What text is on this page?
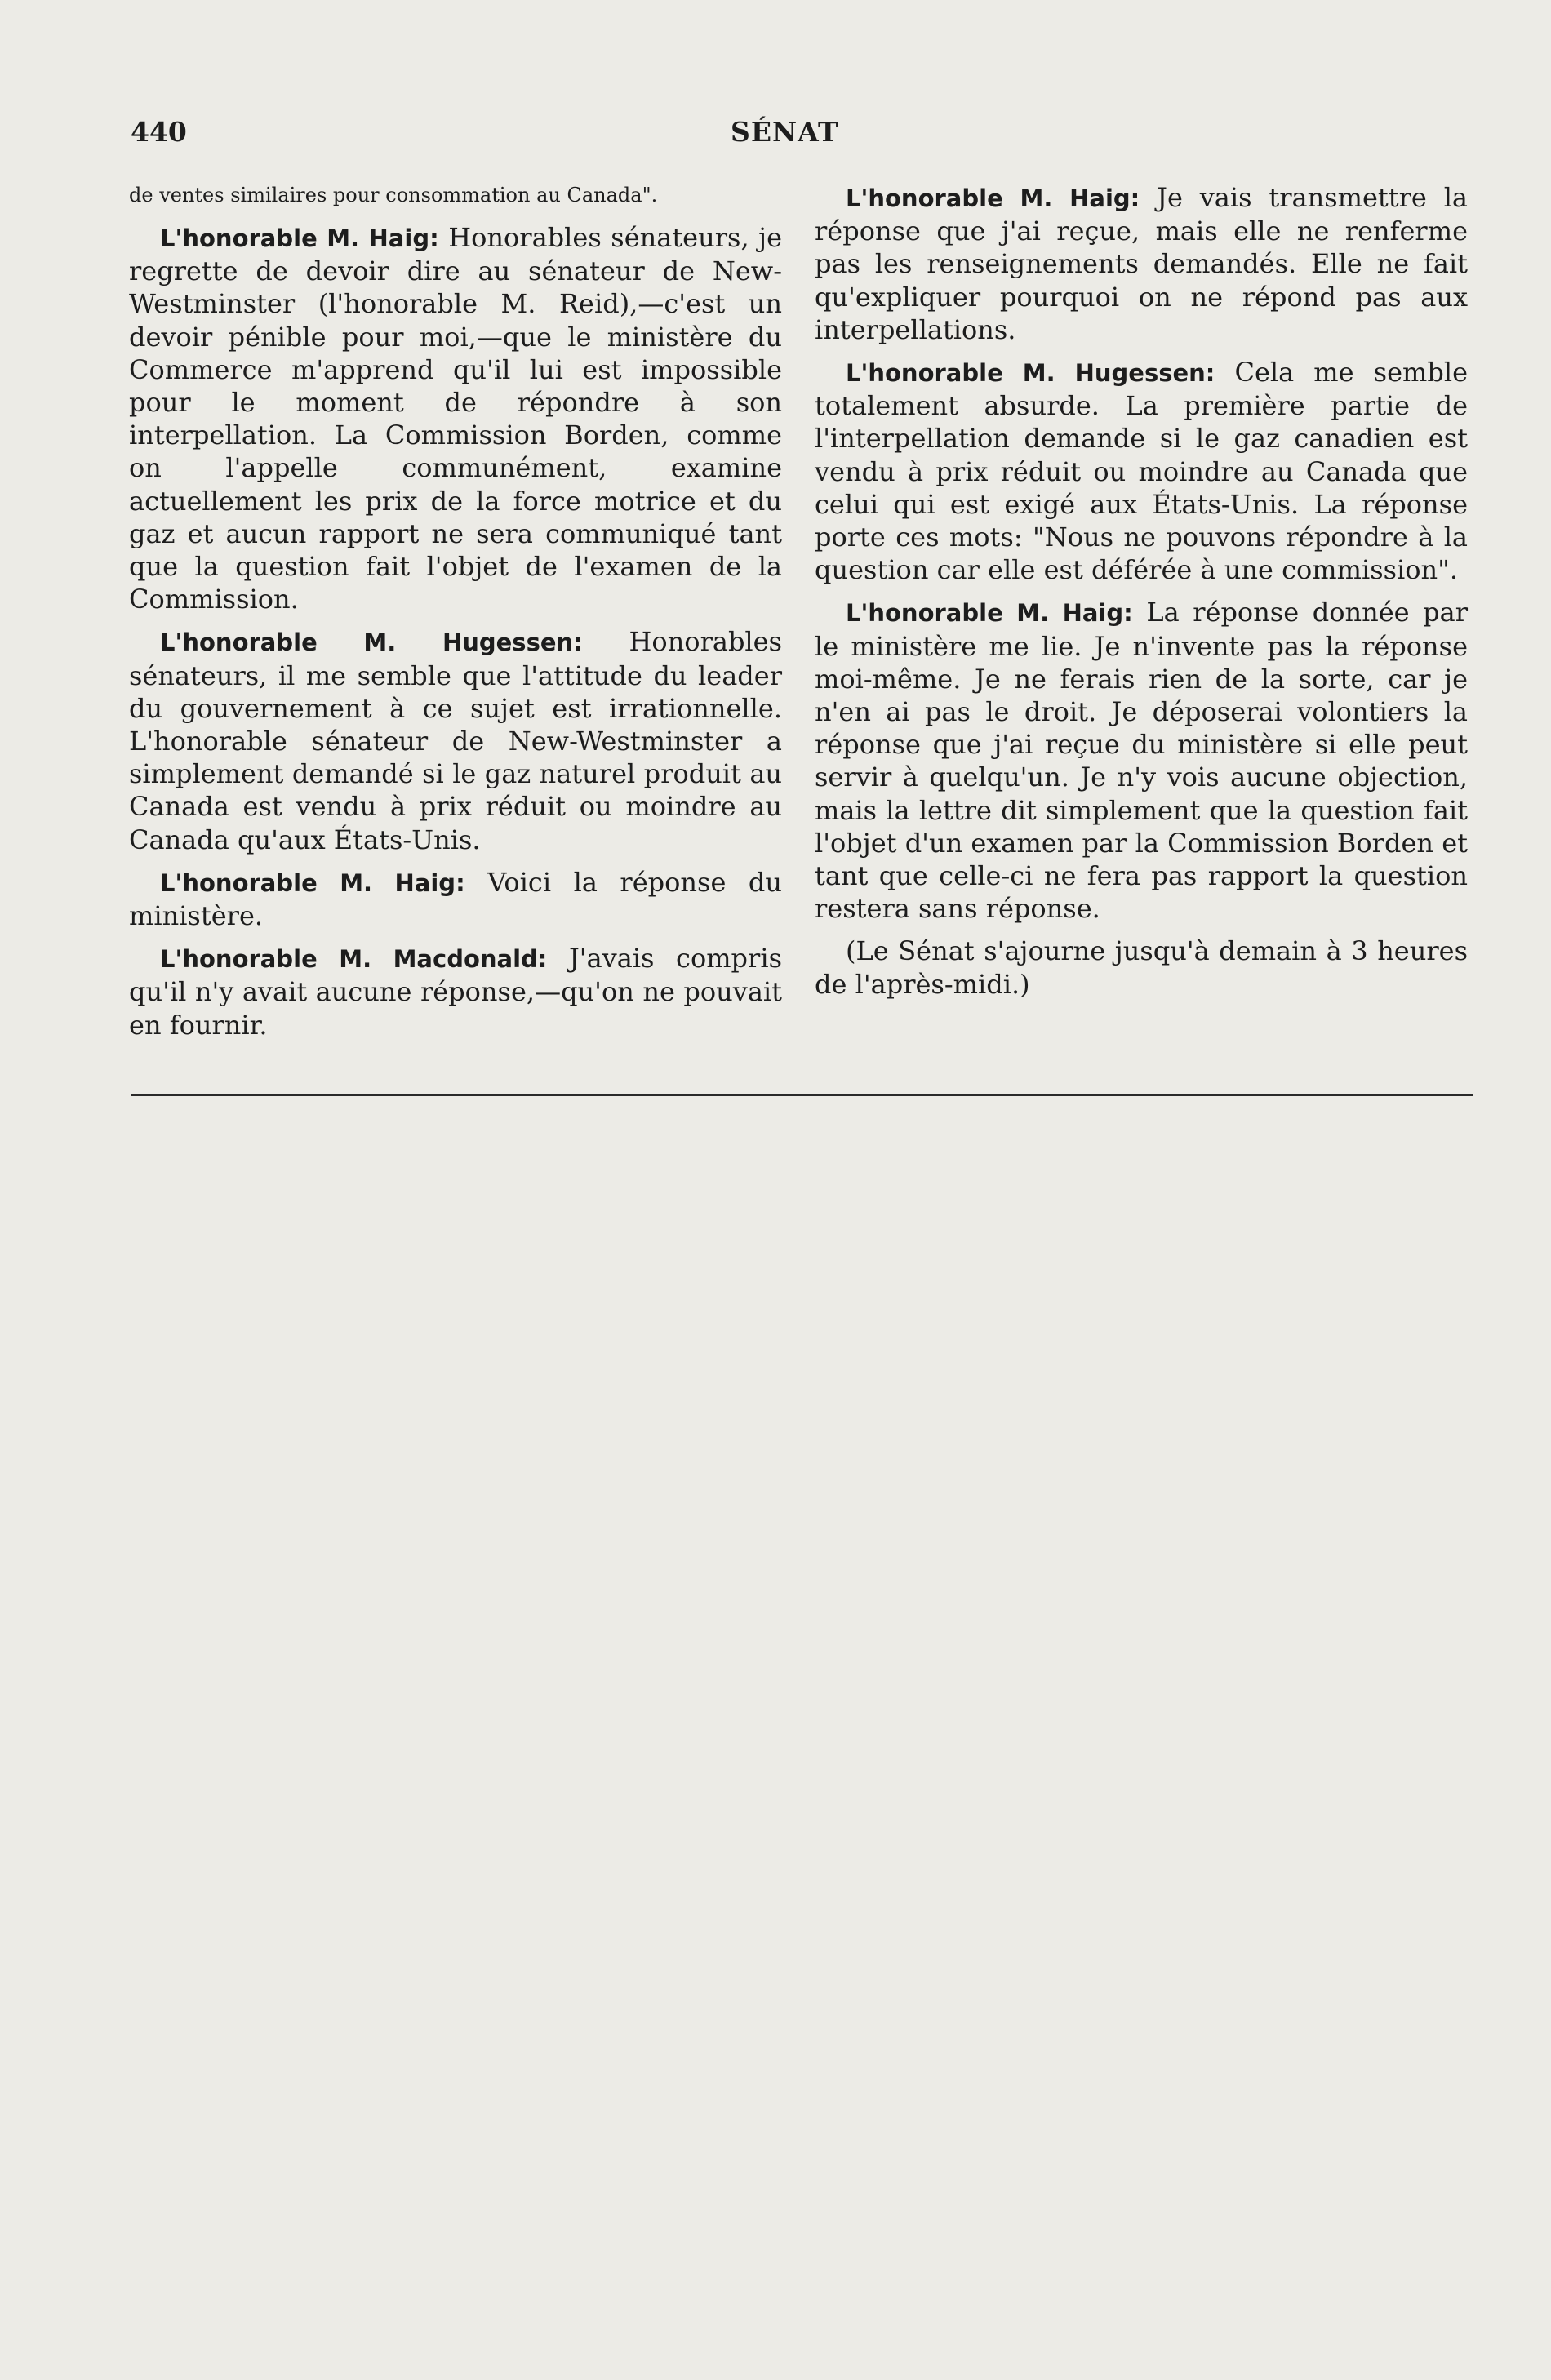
440	SÉNAT

de ventes similaires pour consommation au Canada".

L'honorable M. Haig: Honorables sénateurs, je regrette de devoir dire au sénateur de New-Westminster (l'honorable M. Reid),—c'est un devoir pénible pour moi,—que le ministère du Commerce m'apprend qu'il lui est impossible pour le moment de répondre à son interpellation. La Commission Borden, comme on l'appelle communément, examine actuellement les prix de la force motrice et du gaz et aucun rapport ne sera communiqué tant que la question fait l'objet de l'examen de la Commission.

L'honorable M. Hugessen: Honorables sénateurs, il me semble que l'attitude du leader du gouvernement à ce sujet est irrationnelle. L'honorable sénateur de New-Westminster a simplement demandé si le gaz naturel produit au Canada est vendu à prix réduit ou moindre au Canada qu'aux États-Unis.

L'honorable M. Haig: Voici la réponse du ministère.

L'honorable M. Macdonald: J'avais compris qu'il n'y avait aucune réponse,—qu'on ne pouvait en fournir.

L'honorable M. Haig: Je vais transmettre la réponse que j'ai reçue, mais elle ne renferme pas les renseignements demandés. Elle ne fait qu'expliquer pourquoi on ne répond pas aux interpellations.

L'honorable M. Hugessen: Cela me semble totalement absurde. La première partie de l'interpellation demande si le gaz canadien est vendu à prix réduit ou moindre au Canada que celui qui est exigé aux États-Unis. La réponse porte ces mots: "Nous ne pouvons répondre à la question car elle est déférée à une commission".

L'honorable M. Haig: La réponse donnée par le ministère me lie. Je n'invente pas la réponse moi-même. Je ne ferais rien de la sorte, car je n'en ai pas le droit. Je déposerai volontiers la réponse que j'ai reçue du ministère si elle peut servir à quelqu'un. Je n'y vois aucune objection, mais la lettre dit simplement que la question fait l'objet d'un examen par la Commission Borden et tant que celle-ci ne fera pas rapport la question restera sans réponse.

(Le Sénat s'ajourne jusqu'à demain à 3 heures de l'après-midi.)
